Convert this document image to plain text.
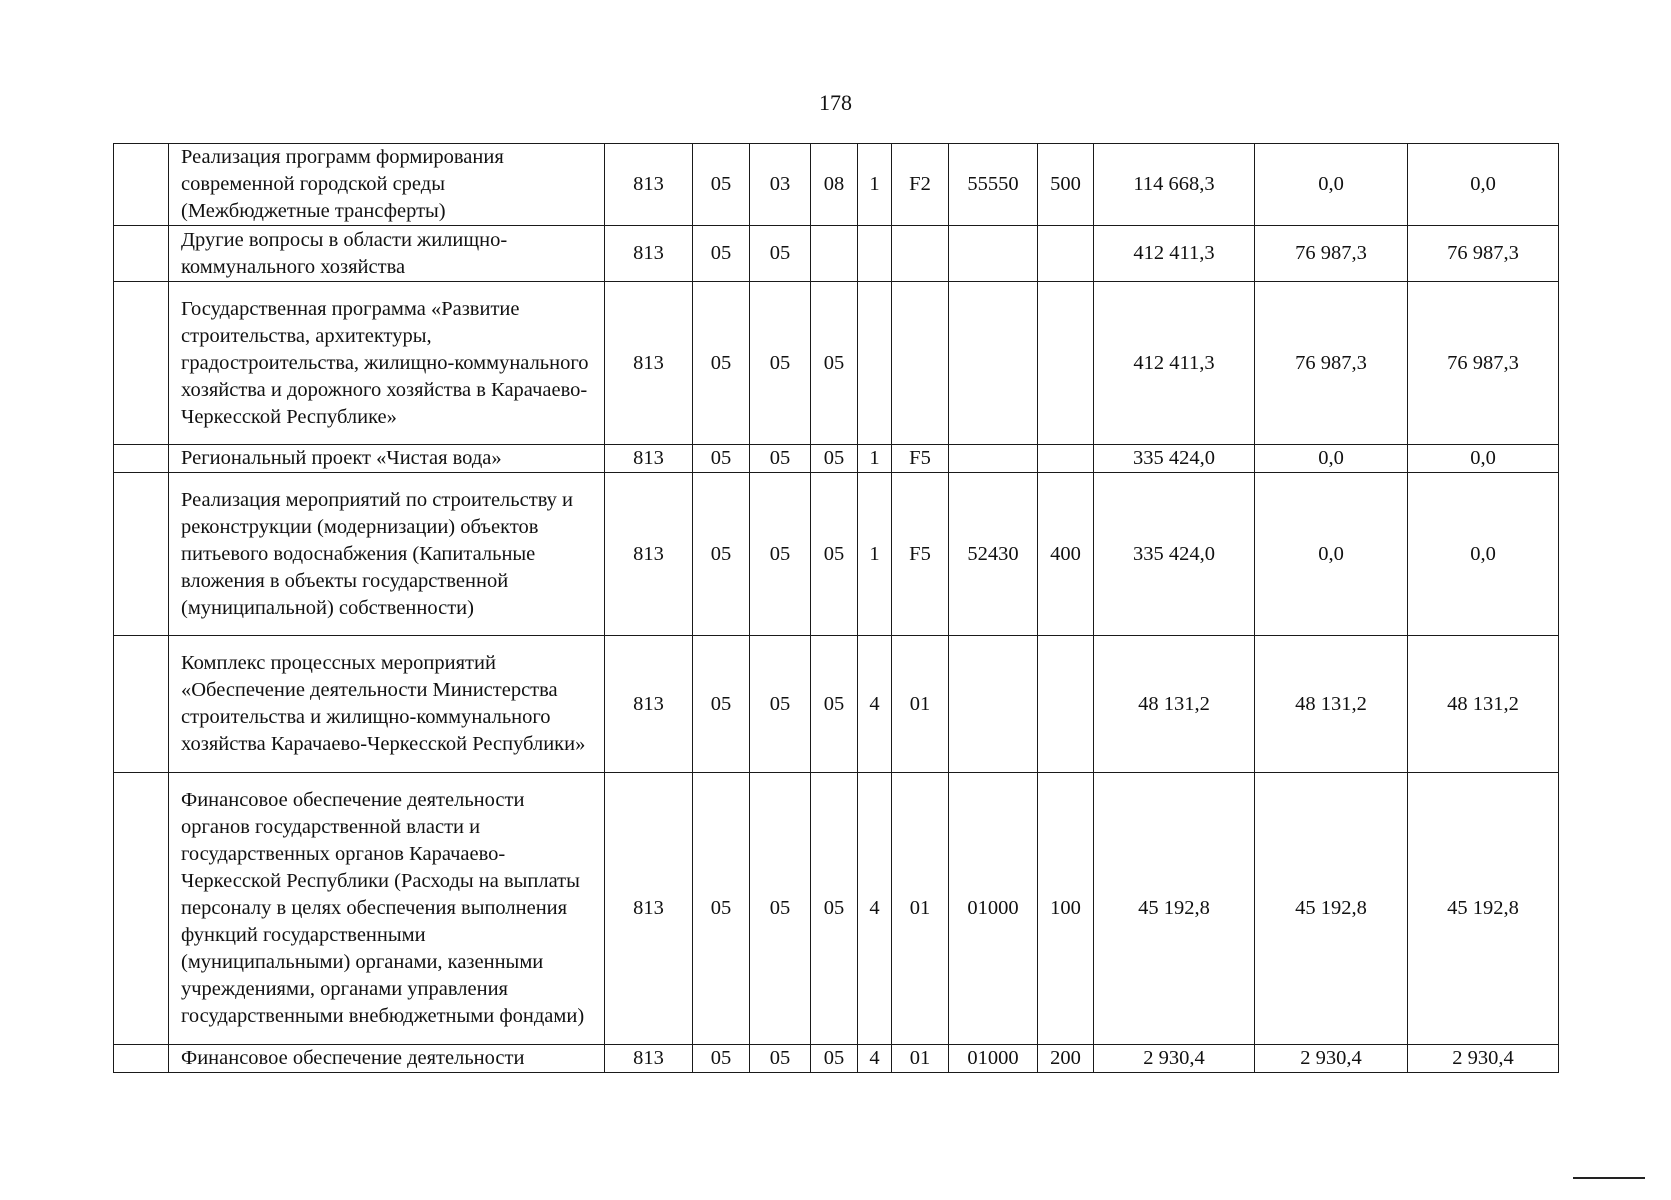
178
	Реализация программ формирования современной городской среды (Межбюджетные трансферты)	813	05	03	08	1	F2	55550	500	114 668,3	0,0	0,0
	Другие вопросы в области жилищно-коммунального хозяйства	813	05	05						412 411,3	76 987,3	76 987,3
	Государственная программа «Развитие строительства, архитектуры, градостроительства, жилищно-коммунального хозяйства и дорожного хозяйства в Карачаево-Черкесской Республике»	813	05	05	05					412 411,3	76 987,3	76 987,3
	Региональный проект «Чистая вода»	813	05	05	05	1	F5			335 424,0	0,0	0,0
	Реализация мероприятий по строительству и реконструкции (модернизации) объектов питьевого водоснабжения (Капитальные вложения в объекты государственной (муниципальной) собственности)	813	05	05	05	1	F5	52430	400	335 424,0	0,0	0,0
	Комплекс процессных мероприятий «Обеспечение деятельности Министерства строительства и жилищно-коммунального хозяйства Карачаево-Черкесской Республики»	813	05	05	05	4	01			48 131,2	48 131,2	48 131,2
	Финансовое обеспечение деятельности органов государственной власти и государственных органов Карачаево-Черкесской Республики (Расходы на выплаты персоналу в целях обеспечения выполнения функций государственными (муниципальными) органами, казенными учреждениями, органами управления государственными внебюджетными фондами)	813	05	05	05	4	01	01000	100	45 192,8	45 192,8	45 192,8
	Финансовое обеспечение деятельности	813	05	05	05	4	01	01000	200	2 930,4	2 930,4	2 930,4
